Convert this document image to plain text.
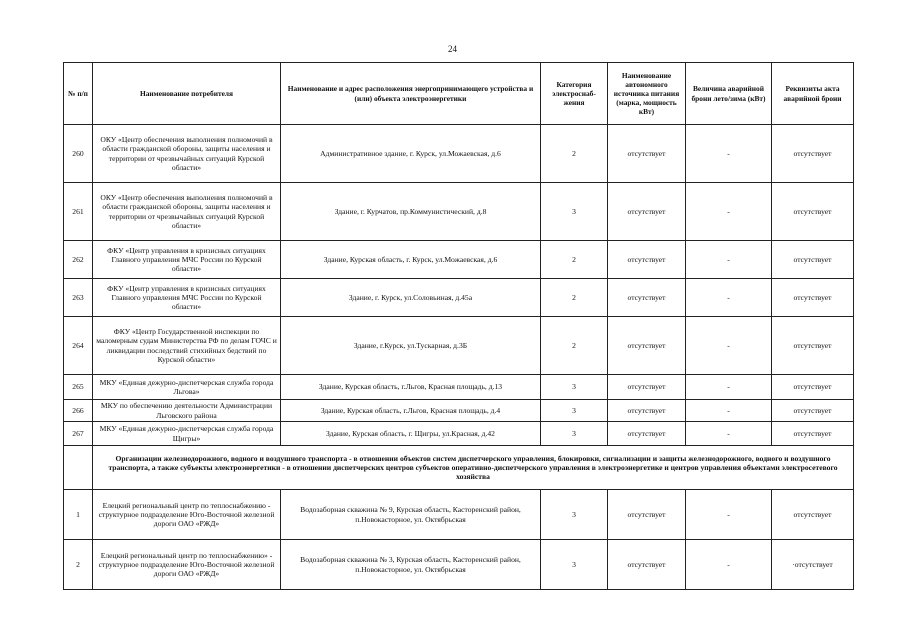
24
№ п/п	Наименование потребителя	Наименование и адрес расположения энергопринимающего устройства и (или) объекта электроэнергетики	Категория электроснаб-жения	Наименование автономного источника питания (марка, мощность кВт)	Величина аварийной брони лето/зима (кВт)	Реквизиты акта аварийной брони
260	ОКУ «Центр обеспечения выполнения полномочий в области гражданской обороны, защиты населения и территории от чрезвычайных ситуаций Курской области»	Административное здание, г. Курск, ул.Можаевская, д.6	2	отсутствует	-	отсутствует
261	ОКУ «Центр обеспечения выполнения полномочий в области гражданской обороны, защиты населения и территории от чрезвычайных ситуаций Курской области»	Здание, г. Курчатов, пр.Коммунистический, д.8	3	отсутствует	-	отсутствует
262	ФКУ «Центр управления в кризисных ситуациях Главного управления МЧС России по Курской области»	Здание, Курская область, г. Курск, ул.Можаевская, д.6	2	отсутствует	-	отсутствует
263	ФКУ «Центр управления в кризисных ситуациях Главного управления МЧС России по Курской области»	Здание, г. Курск, ул.Соловьиная, д.45а	2	отсутствует	-	отсутствует
264	ФКУ «Центр Государственной инспекции по маломерным судам Министерства РФ по делам ГОЧС и ликвидации последствий стихийных бедствий по Курской области»	Здание, г.Курск, ул.Тускарная, д.3Б	2	отсутствует	-	отсутствует
265	МКУ «Единая дежурно-диспетчерская служба города Льгова»	Здание, Курская область, г.Льгов, Красная площадь, д.13	3	отсутствует	-	отсутствует
266	МКУ по обеспечению деятельности Администрации Льговского района	Здание, Курская область, г.Льгов, Красная площадь, д.4	3	отсутствует	-	отсутствует
267	МКУ «Единая дежурно-диспетчерская служба города Щигры»	Здание, Курская область, г. Щигры, ул.Красная, д.42	3	отсутствует	-	отсутствует
	Организации железнодорожного, водного и воздушного транспорта - в отношении объектов систем диспетчерского управления, блокировки, сигнализации и защиты железнодорожного, водного и воздушного транспорта, а также субъекты электроэнергетики - в отношении диспетчерских центров субъектов оперативно-диспетчерского управления в электроэнергетике и центров управления объектами электросетевого хозяйства					
1	Елецкий региональный центр по теплоснабжению - структурное подразделение Юго-Восточной железной дороги ОАО «РЖД»	Водозаборная скважина № 9, Курская область, Касторенский район, п.Новокасторное, ул. Октябрьская	3	отсутствует	-	отсутствует
2	Елецкий региональный центр по теплоснабжению» - структурное подразделение Юго-Восточной железной дороги ОАО «РЖД»	Водозаборная скважина № 3, Курская область, Касторенский район, п.Новокасторное, ул. Октябрьская	3	отсутствует	-	·отсутствует
